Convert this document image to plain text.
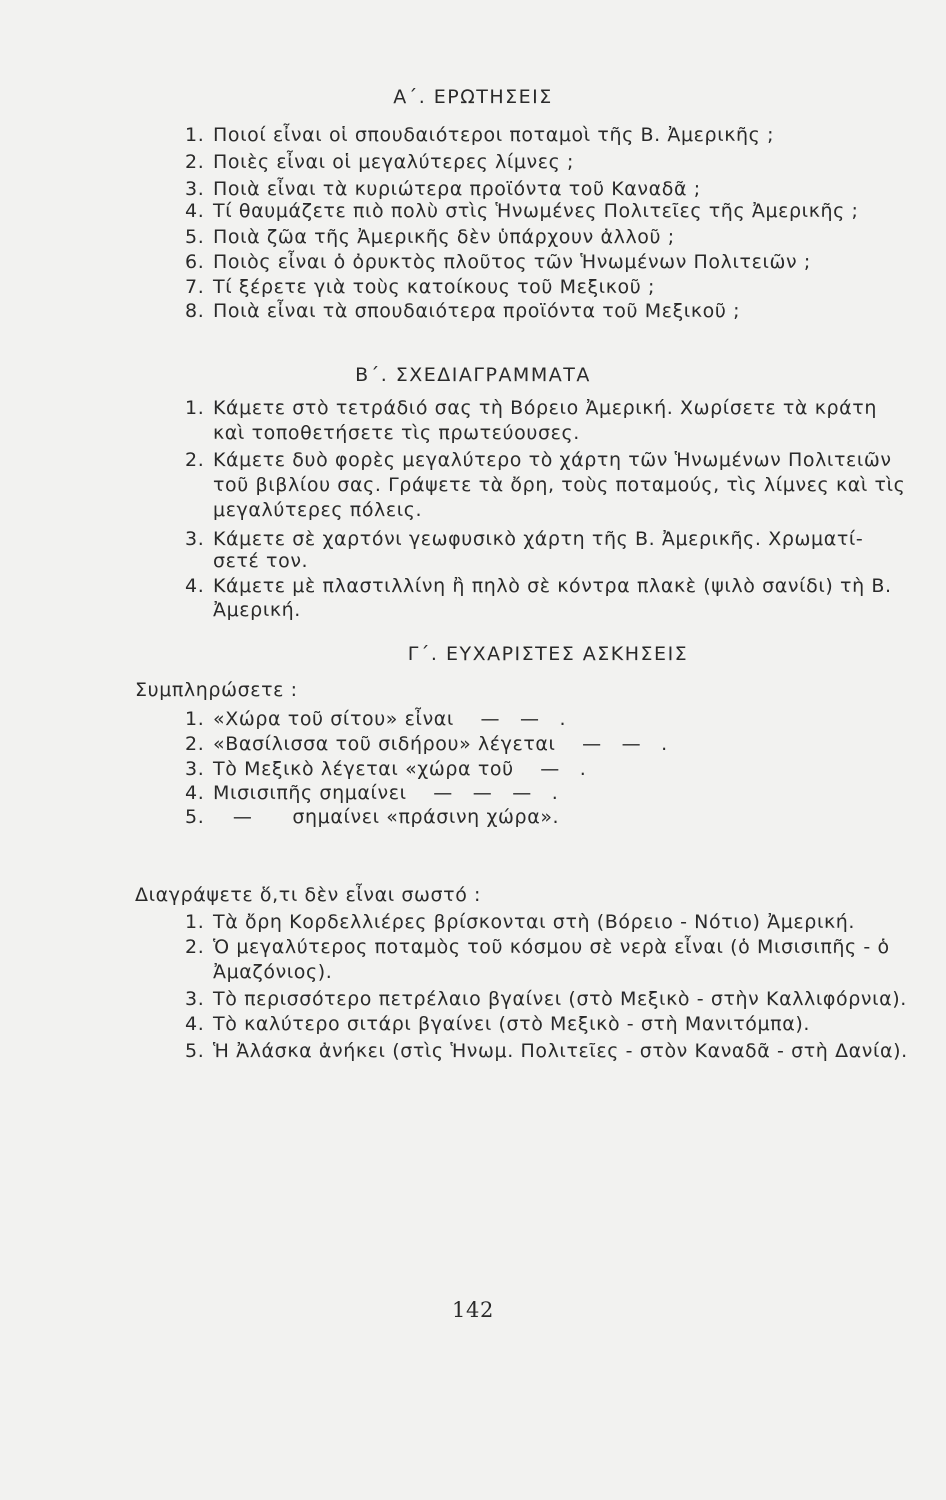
Α΄. ΕΡΩΤΗΣΕΙΣ
1. Ποιοί εἶναι οἱ σπουδαιότεροι ποταμοὶ τῆς Β. Ἀμερικῆς ;
2. Ποιὲς εἶναι οἱ μεγαλύτερες λίμνες ;
3. Ποιὰ εἶναι τὰ κυριώτερα προϊόντα τοῦ Καναδᾶ ;
4. Τί θαυμάζετε πιὸ πολὺ στὶς Ἡνωμένες Πολιτεῖες τῆς Ἀμερικῆς ;
5. Ποιὰ ζῶα τῆς Ἀμερικῆς δὲν ὑπάρχουν ἀλλοῦ ;
6. Ποιὸς εἶναι ὁ ὀρυκτὸς πλοῦτος τῶν Ἡνωμένων Πολιτειῶν ;
7. Τί ξέρετε γιὰ τοὺς κατοίκους τοῦ Μεξικοῦ ;
8. Ποιὰ εἶναι τὰ σπουδαιότερα προϊόντα τοῦ Μεξικοῦ ;
Β΄. ΣΧΕΔΙΑΓΡΑΜΜΑΤΑ
1. Κάμετε στὸ τετράδιό σας τὴ Βόρειο Ἀμερική. Χωρίσετε τὰ κράτη
καὶ τοποθετήσετε τὶς πρωτεύουσες.
2. Κάμετε δυὸ φορὲς μεγαλύτερο τὸ χάρτη τῶν Ἡνωμένων Πολιτειῶν
τοῦ βιβλίου σας. Γράψετε τὰ ὄρη, τοὺς ποταμούς, τὶς λίμνες καὶ τὶς
μεγαλύτερες πόλεις.
3. Κάμετε σὲ χαρτόνι γεωφυσικὸ χάρτη τῆς Β. Ἀμερικῆς. Χρωματί-
σετέ τον.
4. Κάμετε μὲ πλαστιλλίνη ἢ πηλὸ σὲ κόντρα πλακὲ (ψιλὸ σανίδι) τὴ Β.
Ἀμερική.
Γ΄. ΕΥΧΑΡΙΣΤΕΣ ΑΣΚΗΣΕΙΣ
Συμπληρώσετε :
1. «Χώρα τοῦ σίτου» εἶναι    —   —   .
2. «Βασίλισσα τοῦ σιδήρου» λέγεται    —   —   .
3. Τὸ Μεξικὸ λέγεται «χώρα τοῦ    —   .
4. Μισισιπῆς σημαίνει    —   —   —   .
5.   —      σημαίνει «πράσινη χώρα».
Διαγράψετε ὅ,τι δὲν εἶναι σωστό :
1. Τὰ ὄρη Κορδελλιέρες βρίσκονται στὴ (Βόρειο - Νότιο) Ἀμερική.
2. Ὁ μεγαλύτερος ποταμὸς τοῦ κόσμου σὲ νερὰ εἶναι (ὁ Μισισιπῆς - ὁ
Ἀμαζόνιος).
3. Τὸ περισσότερο πετρέλαιο βγαίνει (στὸ Μεξικὸ - στὴν Καλλιφόρνια).
4. Τὸ καλύτερο σιτάρι βγαίνει (στὸ Μεξικὸ - στὴ Μανιτόμπα).
5. Ἡ Ἀλάσκα ἀνήκει (στὶς Ἡνωμ. Πολιτεῖες - στὸν Καναδᾶ - στὴ Δανία).
142
